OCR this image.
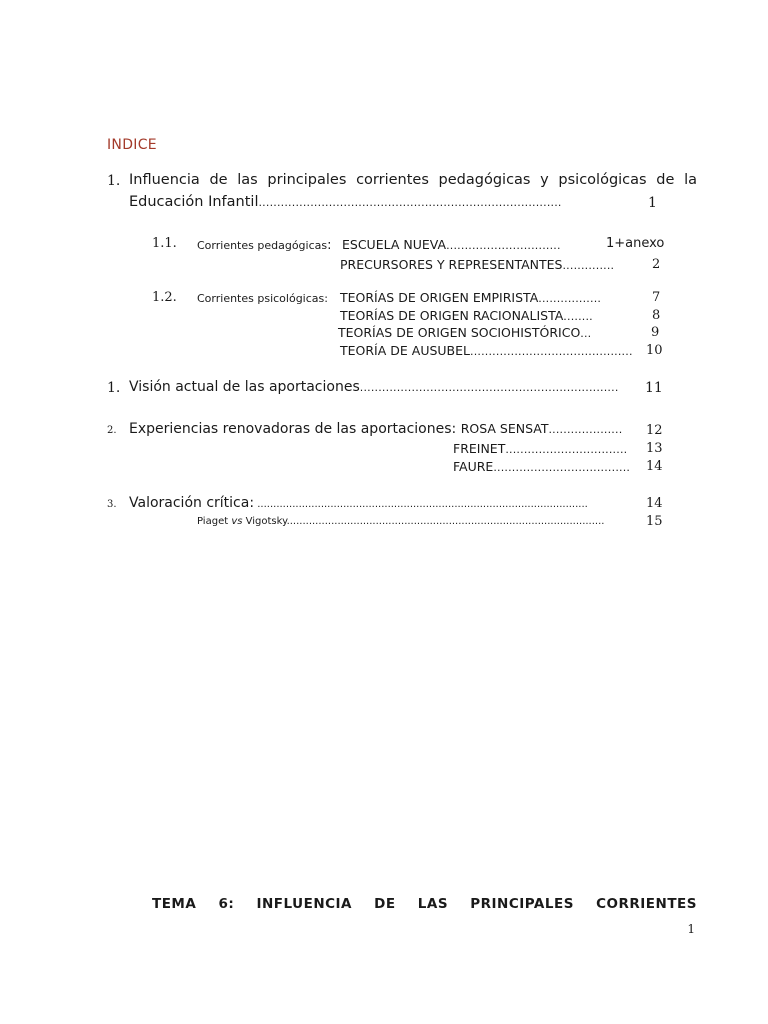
INDICE
1. Influencia de las principales corrientes pedagógicas y psicológicas de la
Educación Infantil..................................................................................	1
1.1. Corrientes pedagógicas: ESCUELA NUEVA...............................	1+anexo
PRECURSORES Y REPRESENTANTES..............	2
1.2. Corrientes psicológicas: TEORÍAS DE ORIGEN EMPIRISTA.................	7
TEORÍAS DE ORIGEN RACIONALISTA........	8
TEORÍAS DE ORIGEN SOCIOHISTÓRICO...	9
TEORÍA DE AUSUBEL............................................ 10
1. Visión actual de las aportaciones...................................................................... 11
2. Experiencias renovadoras de las aportaciones: ROSA SENSAT.................... 12
FREINET................................. 13
FAURE..................................... 14
3. Valoración crítica: ........................................................................................................	14
Piaget vs Vigotsky....................................................................................................	15
TEMA 6: INFLUENCIA DE LAS PRINCIPALES CORRIENTES
1
